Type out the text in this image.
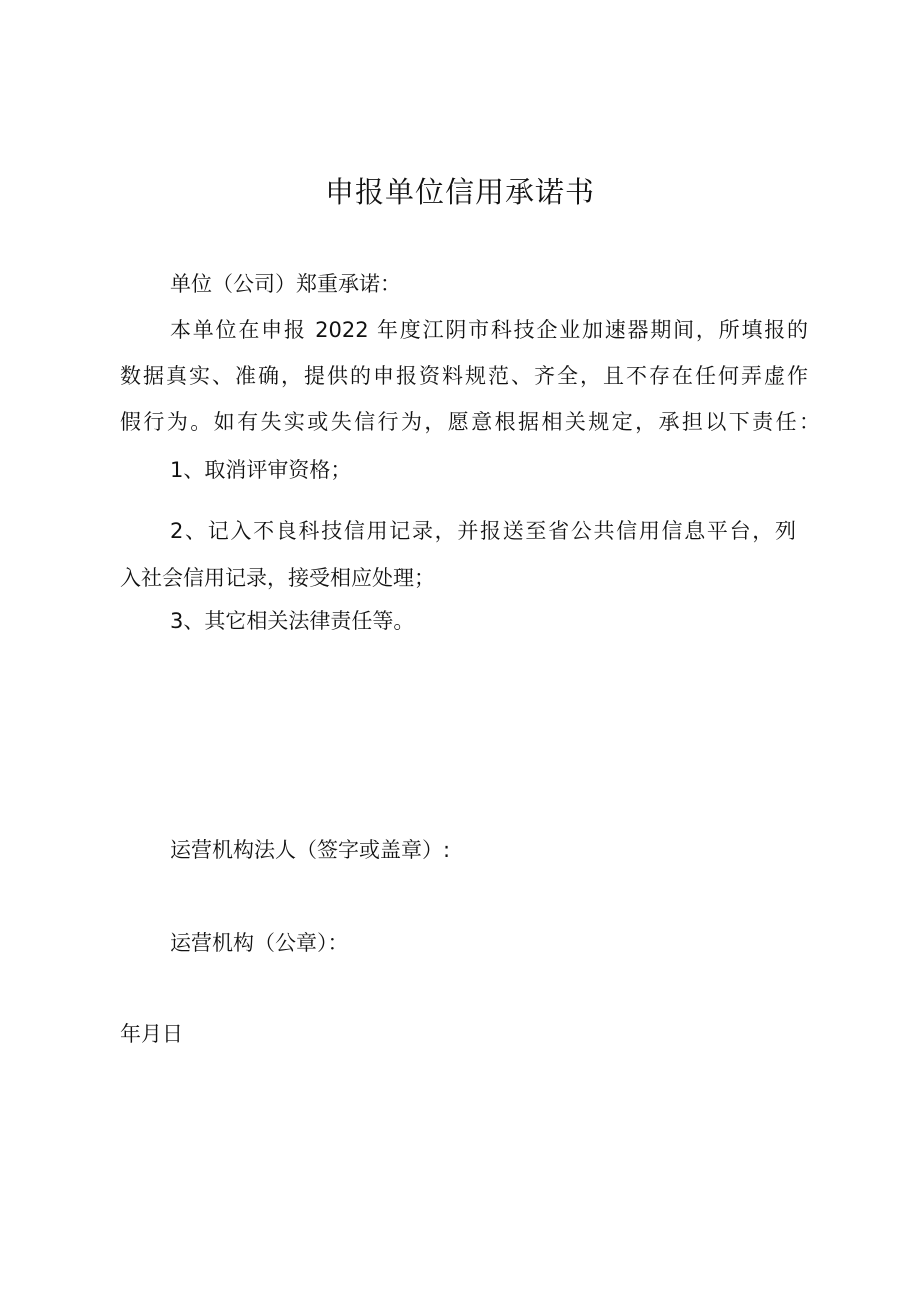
申报单位信用承诺书

单位（公司）郑重承诺：

本单位在申报 2022 年度江阴市科技企业加速器期间，所填报的

数据真实、准确，提供的申报资料规范、齐全，且不存在任何弄虚作

假行为。如有失实或失信行为，愿意根据相关规定，承担以下责任：

1、取消评审资格；

2、记入不良科技信用记录，并报送至省公共信用信息平台，列

入社会信用记录，接受相应处理；

3、其它相关法律责任等。

运营机构法人（签字或盖章）:

运营机构（公章）：

年月日
